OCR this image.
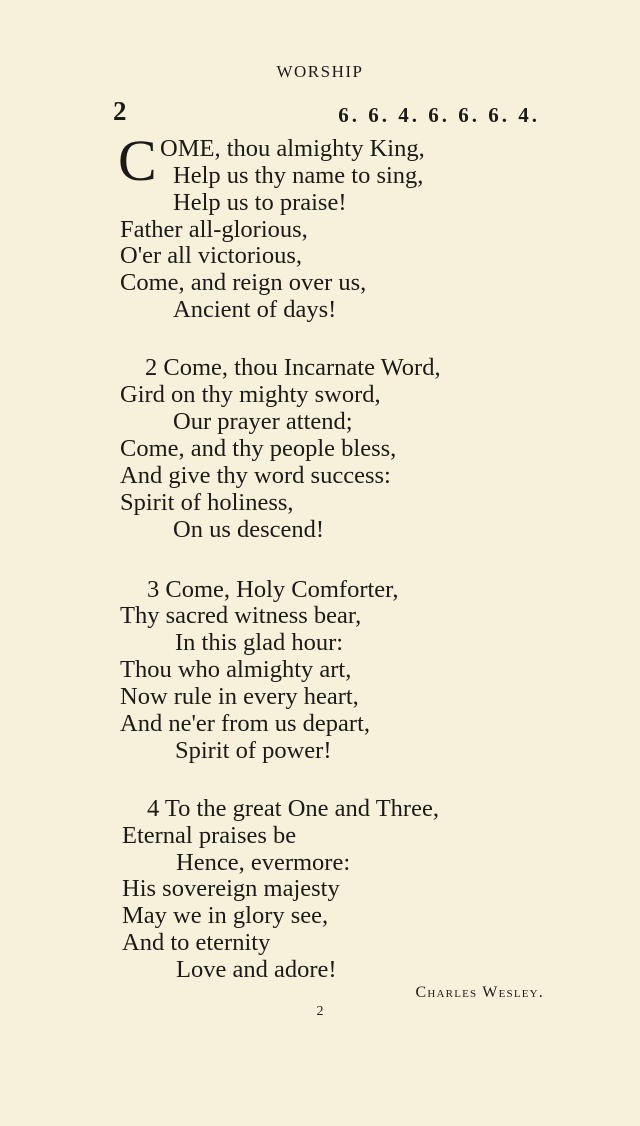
WORSHIP
2	6. 6. 4. 6. 6. 6. 4.
C OME, thou almighty King,
Help us thy name to sing,
Help us to praise!
Father all-glorious,
O'er all victorious,
Come, and reign over us,
Ancient of days!
2 Come, thou Incarnate Word,
Gird on thy mighty sword,
Our prayer attend;
Come, and thy people bless,
And give thy word success:
Spirit of holiness,
On us descend!
3 Come, Holy Comforter,
Thy sacred witness bear,
In this glad hour:
Thou who almighty art,
Now rule in every heart,
And ne'er from us depart,
Spirit of power!
4 To the great One and Three,
Eternal praises be
Hence, evermore:
His sovereign majesty
May we in glory see,
And to eternity
Love and adore!
Charles Wesley.
2
